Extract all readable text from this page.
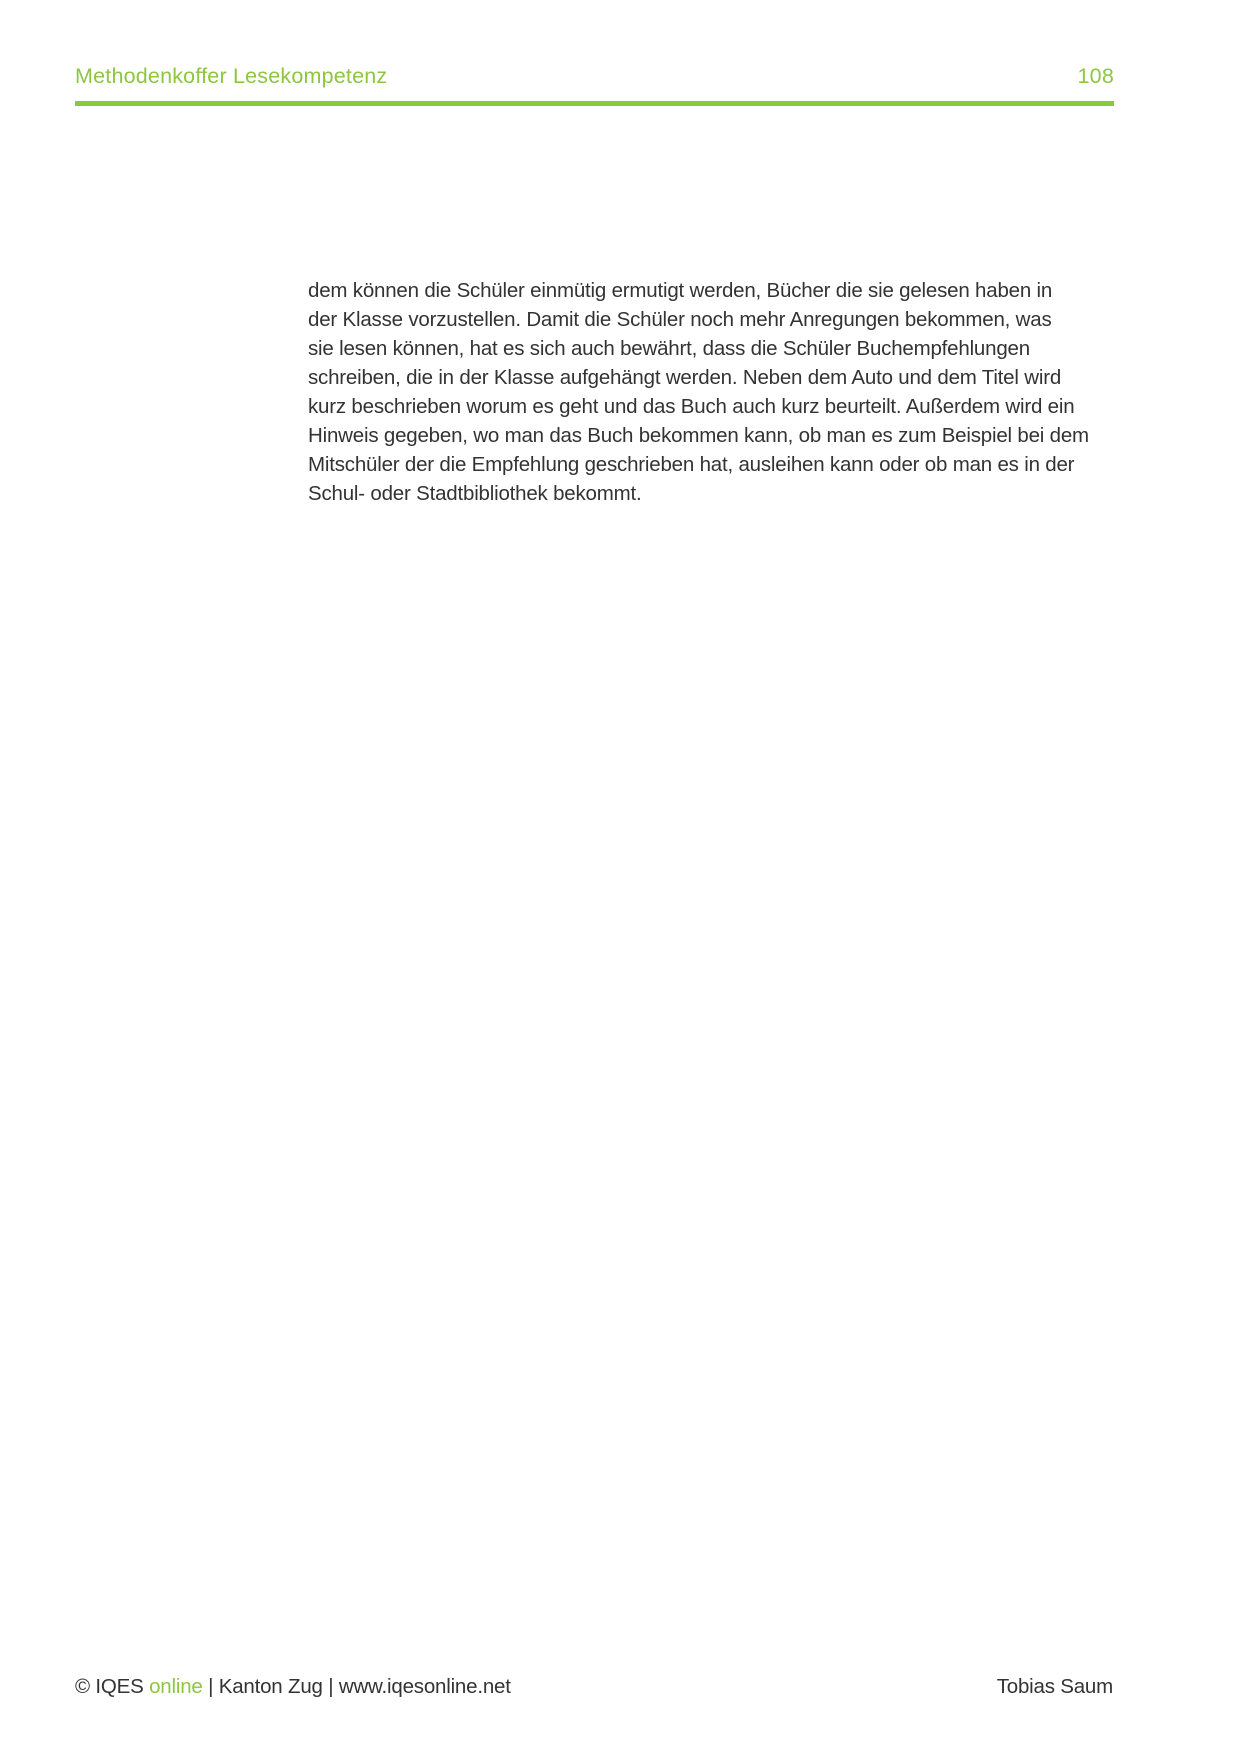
Methodenkoffer Lesekompetenz	108
dem können die Schüler einmütig ermutigt werden, Bücher die sie gelesen haben in
der Klasse vorzustellen. Damit die Schüler noch mehr Anregungen bekommen, was
sie lesen können, hat es sich auch bewährt, dass die Schüler Buchempfehlungen
schreiben, die in der Klasse aufgehängt werden. Neben dem Auto und dem Titel wird
kurz beschrieben worum es geht und das Buch auch kurz beurteilt. Außerdem wird ein
Hinweis gegeben, wo man das Buch bekommen kann, ob man es zum Beispiel bei dem
Mitschüler der die Empfehlung geschrieben hat, ausleihen kann oder ob man es in der
Schul- oder Stadtbibliothek bekommt.
© IQES online | Kanton Zug | www.iqesonline.net	Tobias Saum
